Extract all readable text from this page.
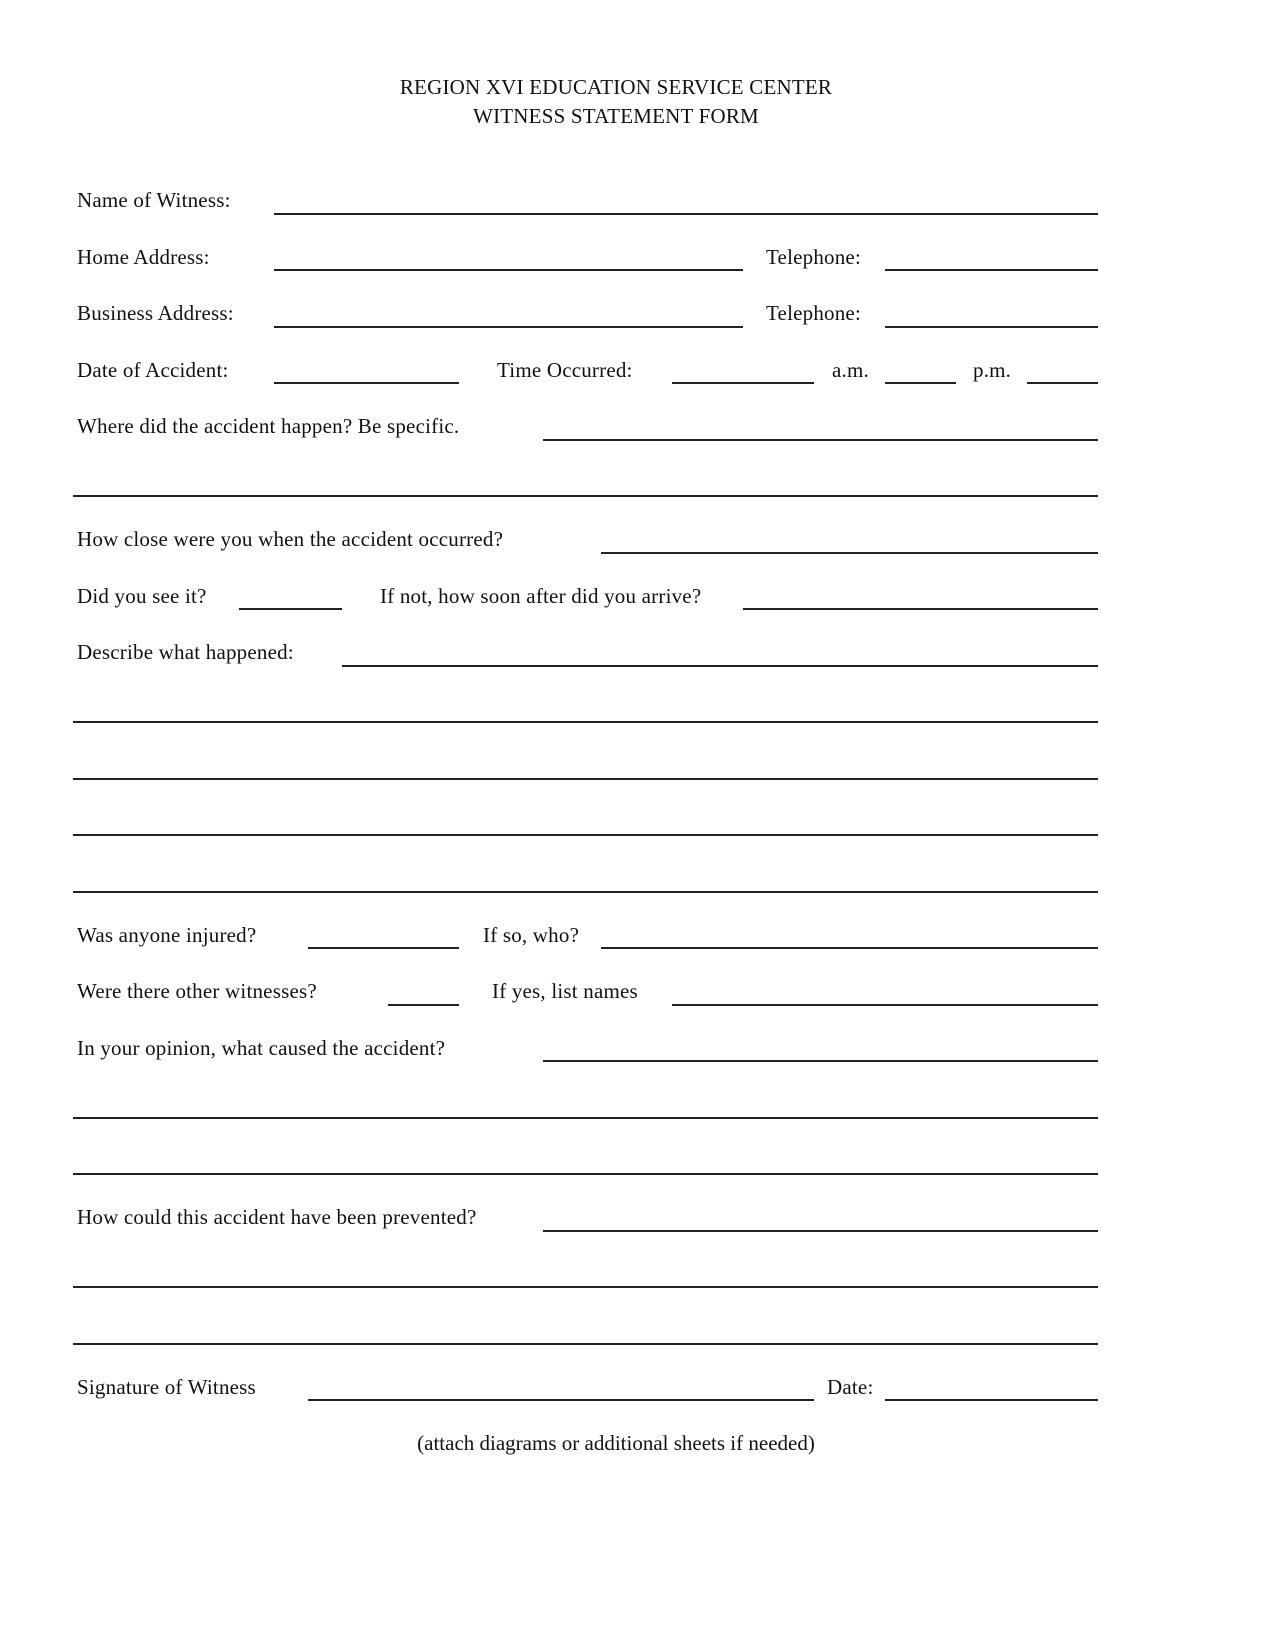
REGION XVI EDUCATION SERVICE CENTER
WITNESS STATEMENT FORM
Name of Witness:
Home Address:	Telephone:
Business Address:	Telephone:
Date of Accident:	Time Occurred:	a.m.	p.m.
Where did the accident happen? Be specific.
How close were you when the accident occurred?
Did you see it?	If not, how soon after did you arrive?
Describe what happened:
Was anyone injured?	If so, who?
Were there other witnesses?	If yes, list names
In your opinion, what caused the accident?
How could this accident have been prevented?
Signature of Witness	Date:
(attach diagrams or additional sheets if needed)
